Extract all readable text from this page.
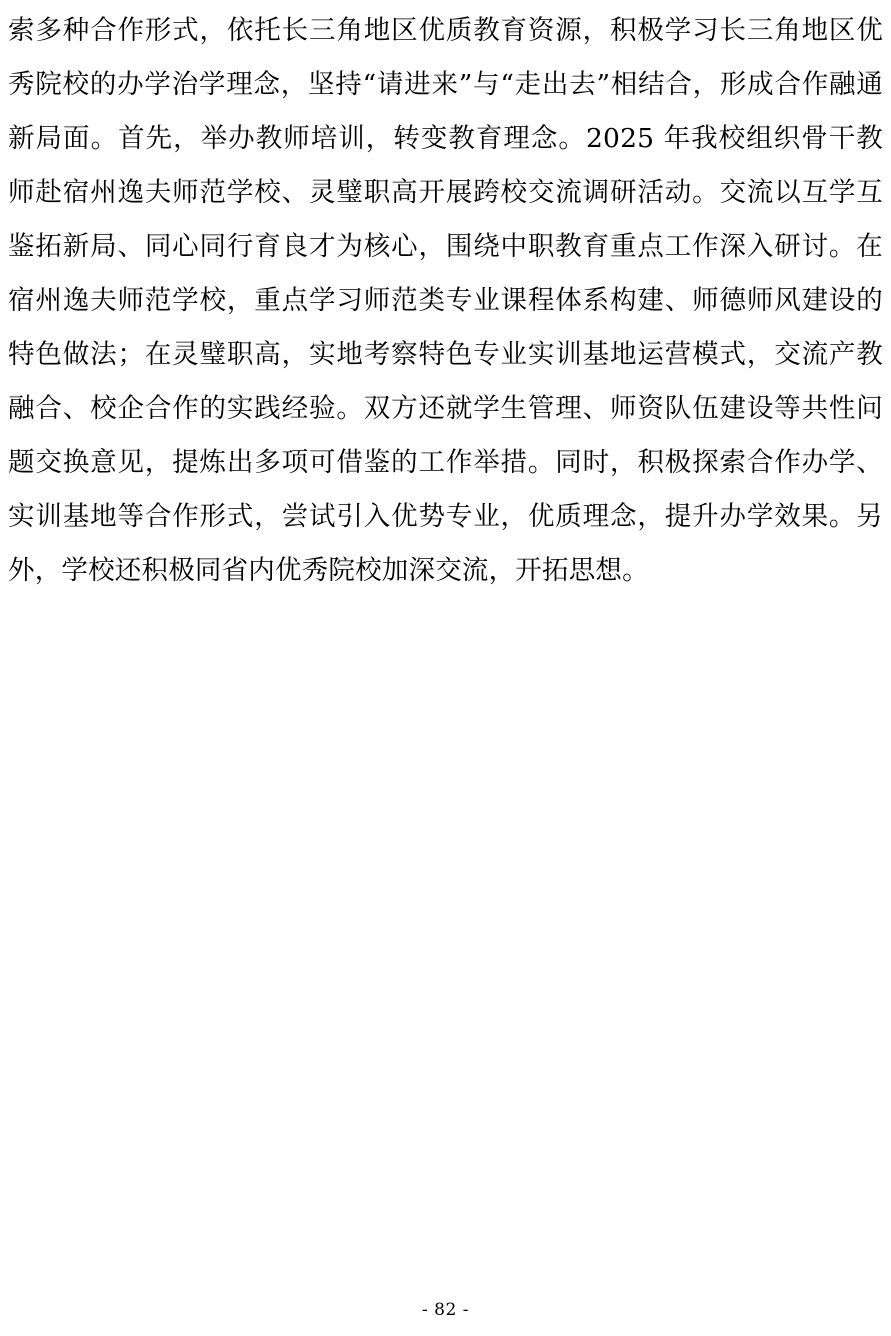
索多种合作形式，依托长三角地区优质教育资源，积极学习长三角地区优秀院校的办学治学理念，坚持“请进来”与“走出去”相结合，形成合作融通新局面。首先，举办教师培训，转变教育理念。2025 年我校组织骨干教师赴宿州逸夫师范学校、灵璧职高开展跨校交流调研活动。交流以互学互鉴拓新局、同心同行育良才为核心，围绕中职教育重点工作深入研讨。在宿州逸夫师范学校，重点学习师范类专业课程体系构建、师德师风建设的特色做法；在灵璧职高，实地考察特色专业实训基地运营模式，交流产教融合、校企合作的实践经验。双方还就学生管理、师资队伍建设等共性问题交换意见，提炼出多项可借鉴的工作举措。同时，积极探索合作办学、实训基地等合作形式，尝试引入优势专业，优质理念，提升办学效果。另外，学校还积极同省内优秀院校加深交流，开拓思想。
- 82 -
